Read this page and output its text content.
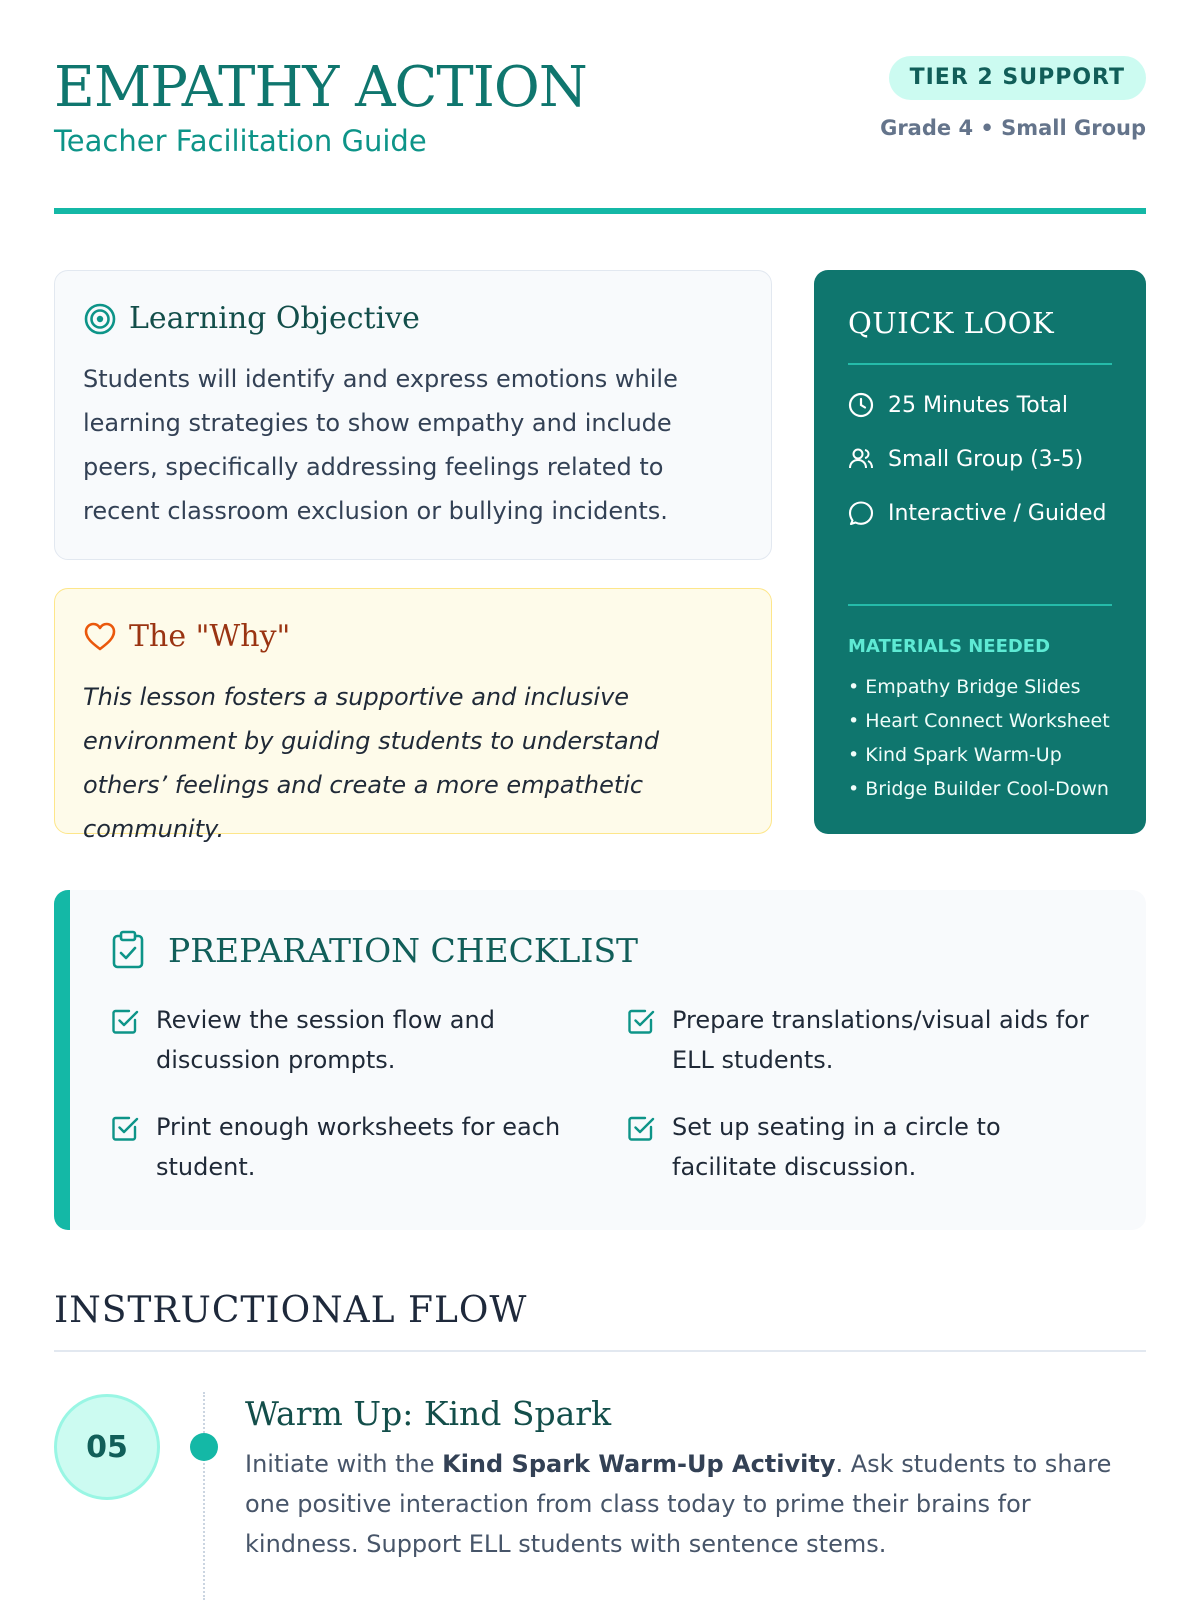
EMPATHY ACTION
Teacher Facilitation Guide
TIER 2 SUPPORT
Grade 4 • Small Group
Learning Objective

Students will identify and express emotions while learning strategies to show empathy and include peers, specifically addressing feelings related to recent classroom exclusion or bullying incidents.

The "Why"

This lesson fosters a supportive and inclusive environment by guiding students to understand others’ feelings and create a more empathetic community.

QUICK LOOK
25 Minutes Total
Small Group (3-5)
Interactive / Guided
MATERIALS NEEDED
• Empathy Bridge Slides
• Heart Connect Worksheet
• Kind Spark Warm-Up
• Bridge Builder Cool-Down
PREPARATION CHECKLIST
Review the session flow and discussion prompts.
Prepare translations/visual aids for ELL students.
Print enough worksheets for each student.
Set up seating in a circle to facilitate discussion.
INSTRUCTIONAL FLOW
05
Warm Up: Kind Spark

Initiate with the Kind Spark Warm-Up Activity. Ask students to share one positive interaction from class today to prime their brains for kindness. Support ELL students with sentence stems.
